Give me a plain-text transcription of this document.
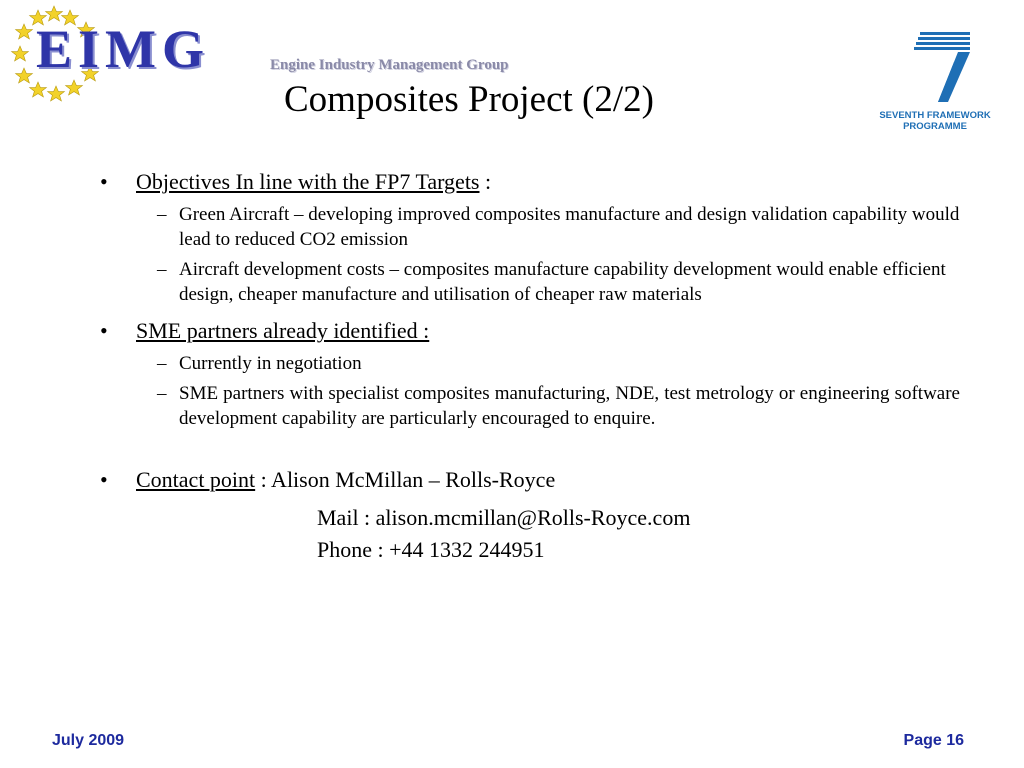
EIMG	Engine Industry Management Group
Composites Project (2/2)	SEVENTH FRAMEWORK
PROGRAMME
• Objectives In line with the FP7 Targets :
– Green Aircraft – developing improved composites manufacture and design validation capability would lead to reduced CO2 emission
– Aircraft development costs – composites manufacture capability development would enable efficient design, cheaper manufacture and utilisation of cheaper raw materials
• SME partners already identified :
– Currently in negotiation
– SME partners with specialist composites manufacturing, NDE, test metrology or engineering software development capability are particularly encouraged to enquire.
• Contact point : Alison McMillan – Rolls-Royce
Mail : alison.mcmillan@Rolls-Royce.com
Phone : +44 1332 244951
July 2009	Page 16
